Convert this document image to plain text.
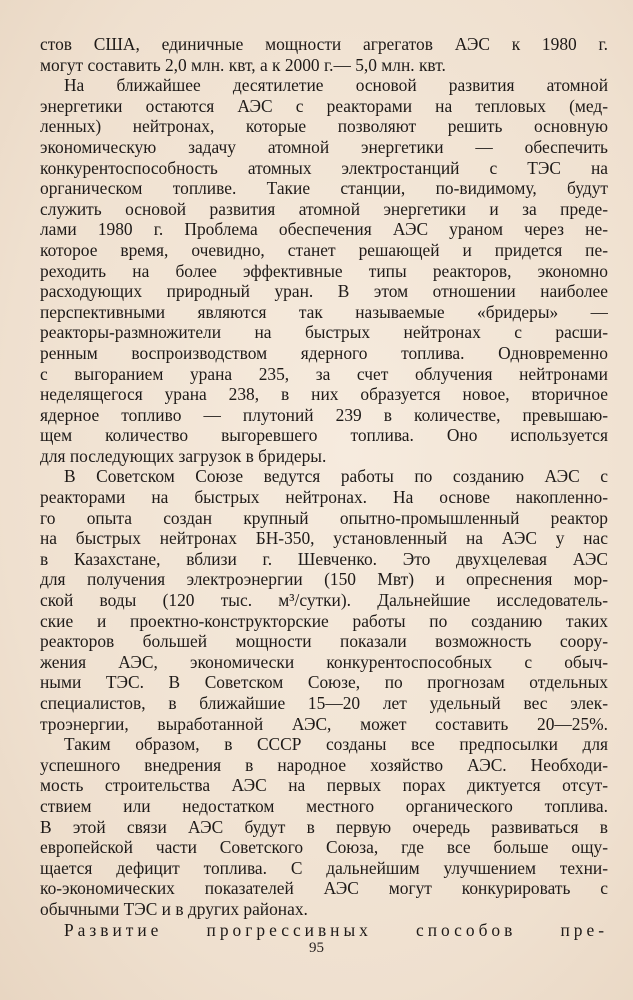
стов США, единичные мощности агрегатов АЭС к 1980 г.
могут составить 2,0 млн. квт, а к 2000 г.— 5,0 млн. квт.
На ближайшее десятилетие основой развития атомной
энергетики остаются АЭС с реакторами на тепловых (мед-
ленных) нейтронах, которые позволяют решить основную
экономическую задачу атомной энергетики — обеспечить
конкурентоспособность атомных электростанций с ТЭС на
органическом топливе. Такие станции, по-видимому, будут
служить основой развития атомной энергетики и за преде-
лами 1980 г. Проблема обеспечения АЭС ураном через не-
которое время, очевидно, станет решающей и придется пе-
реходить на более эффективные типы реакторов, экономно
расходующих природный уран. В этом отношении наиболее
перспективными являются так называемые «бридеры» —
реакторы-размножители на быстрых нейтронах с расши-
ренным воспроизводством ядерного топлива. Одновременно
с выгоранием урана 235, за счет облучения нейтронами
неделящегося урана 238, в них образуется новое, вторичное
ядерное топливо — плутоний 239 в количестве, превышаю-
щем количество выгоревшего топлива. Оно используется
для последующих загрузок в бридеры.
В Советском Союзе ведутся работы по созданию АЭС с
реакторами на быстрых нейтронах. На основе накопленно-
го опыта создан крупный опытно-промышленный реактор
на быстрых нейтронах БН-350, установленный на АЭС у нас
в Казахстане, вблизи г. Шевченко. Это двухцелевая АЭС
для получения электроэнергии (150 Мвт) и опреснения мор-
ской воды (120 тыс. м³/сутки). Дальнейшие исследователь-
ские и проектно-конструкторские работы по созданию таких
реакторов большей мощности показали возможность соору-
жения АЭС, экономически конкурентоспособных с обыч-
ными ТЭС. В Советском Союзе, по прогнозам отдельных
специалистов, в ближайшие 15—20 лет удельный вес элек-
троэнергии, выработанной АЭС, может составить 20—25%.
Таким образом, в СССР созданы все предпосылки для
успешного внедрения в народное хозяйство АЭС. Необходи-
мость строительства АЭС на первых порах диктуется отсут-
ствием или недостатком местного органического топлива.
В этой связи АЭС будут в первую очередь развиваться в
европейской части Советского Союза, где все больше ощу-
щается дефицит топлива. С дальнейшим улучшением техни-
ко-экономических показателей АЭС могут конкурировать с
обычными ТЭС и в других районах.
Развитие прогрессивных способов пре-
95
